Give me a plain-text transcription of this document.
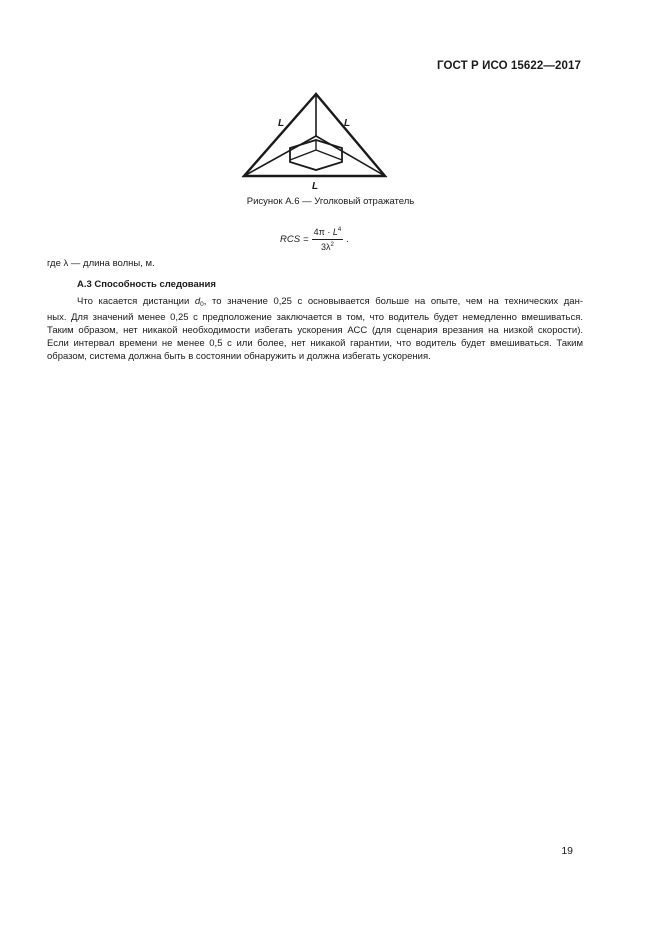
ГОСТ Р ИСО 15622—2017
L	L
L
Рисунок А.6 — Уголковый отражатель
RCS = $\frac{4\pi \cdot L^4}{3\lambda^2}$ .
где λ — длина волны, м.
А.3 Способность следования
Что касается дистанции $d_0$, то значение 0,25 с основывается больше на опыте, чем на технических дан-
ных. Для значений менее 0,25 с предположение заключается в том, что водитель будет немедленно вмешиваться.
Таким образом, нет никакой необходимости избегать ускорения АСС (для сценария врезания на низкой скорости).
Если интервал времени не менее 0,5 с или более, нет никакой гарантии, что водитель будет вмешиваться. Таким
образом, система должна быть в состоянии обнаружить и должна избегать ускорения.
19
